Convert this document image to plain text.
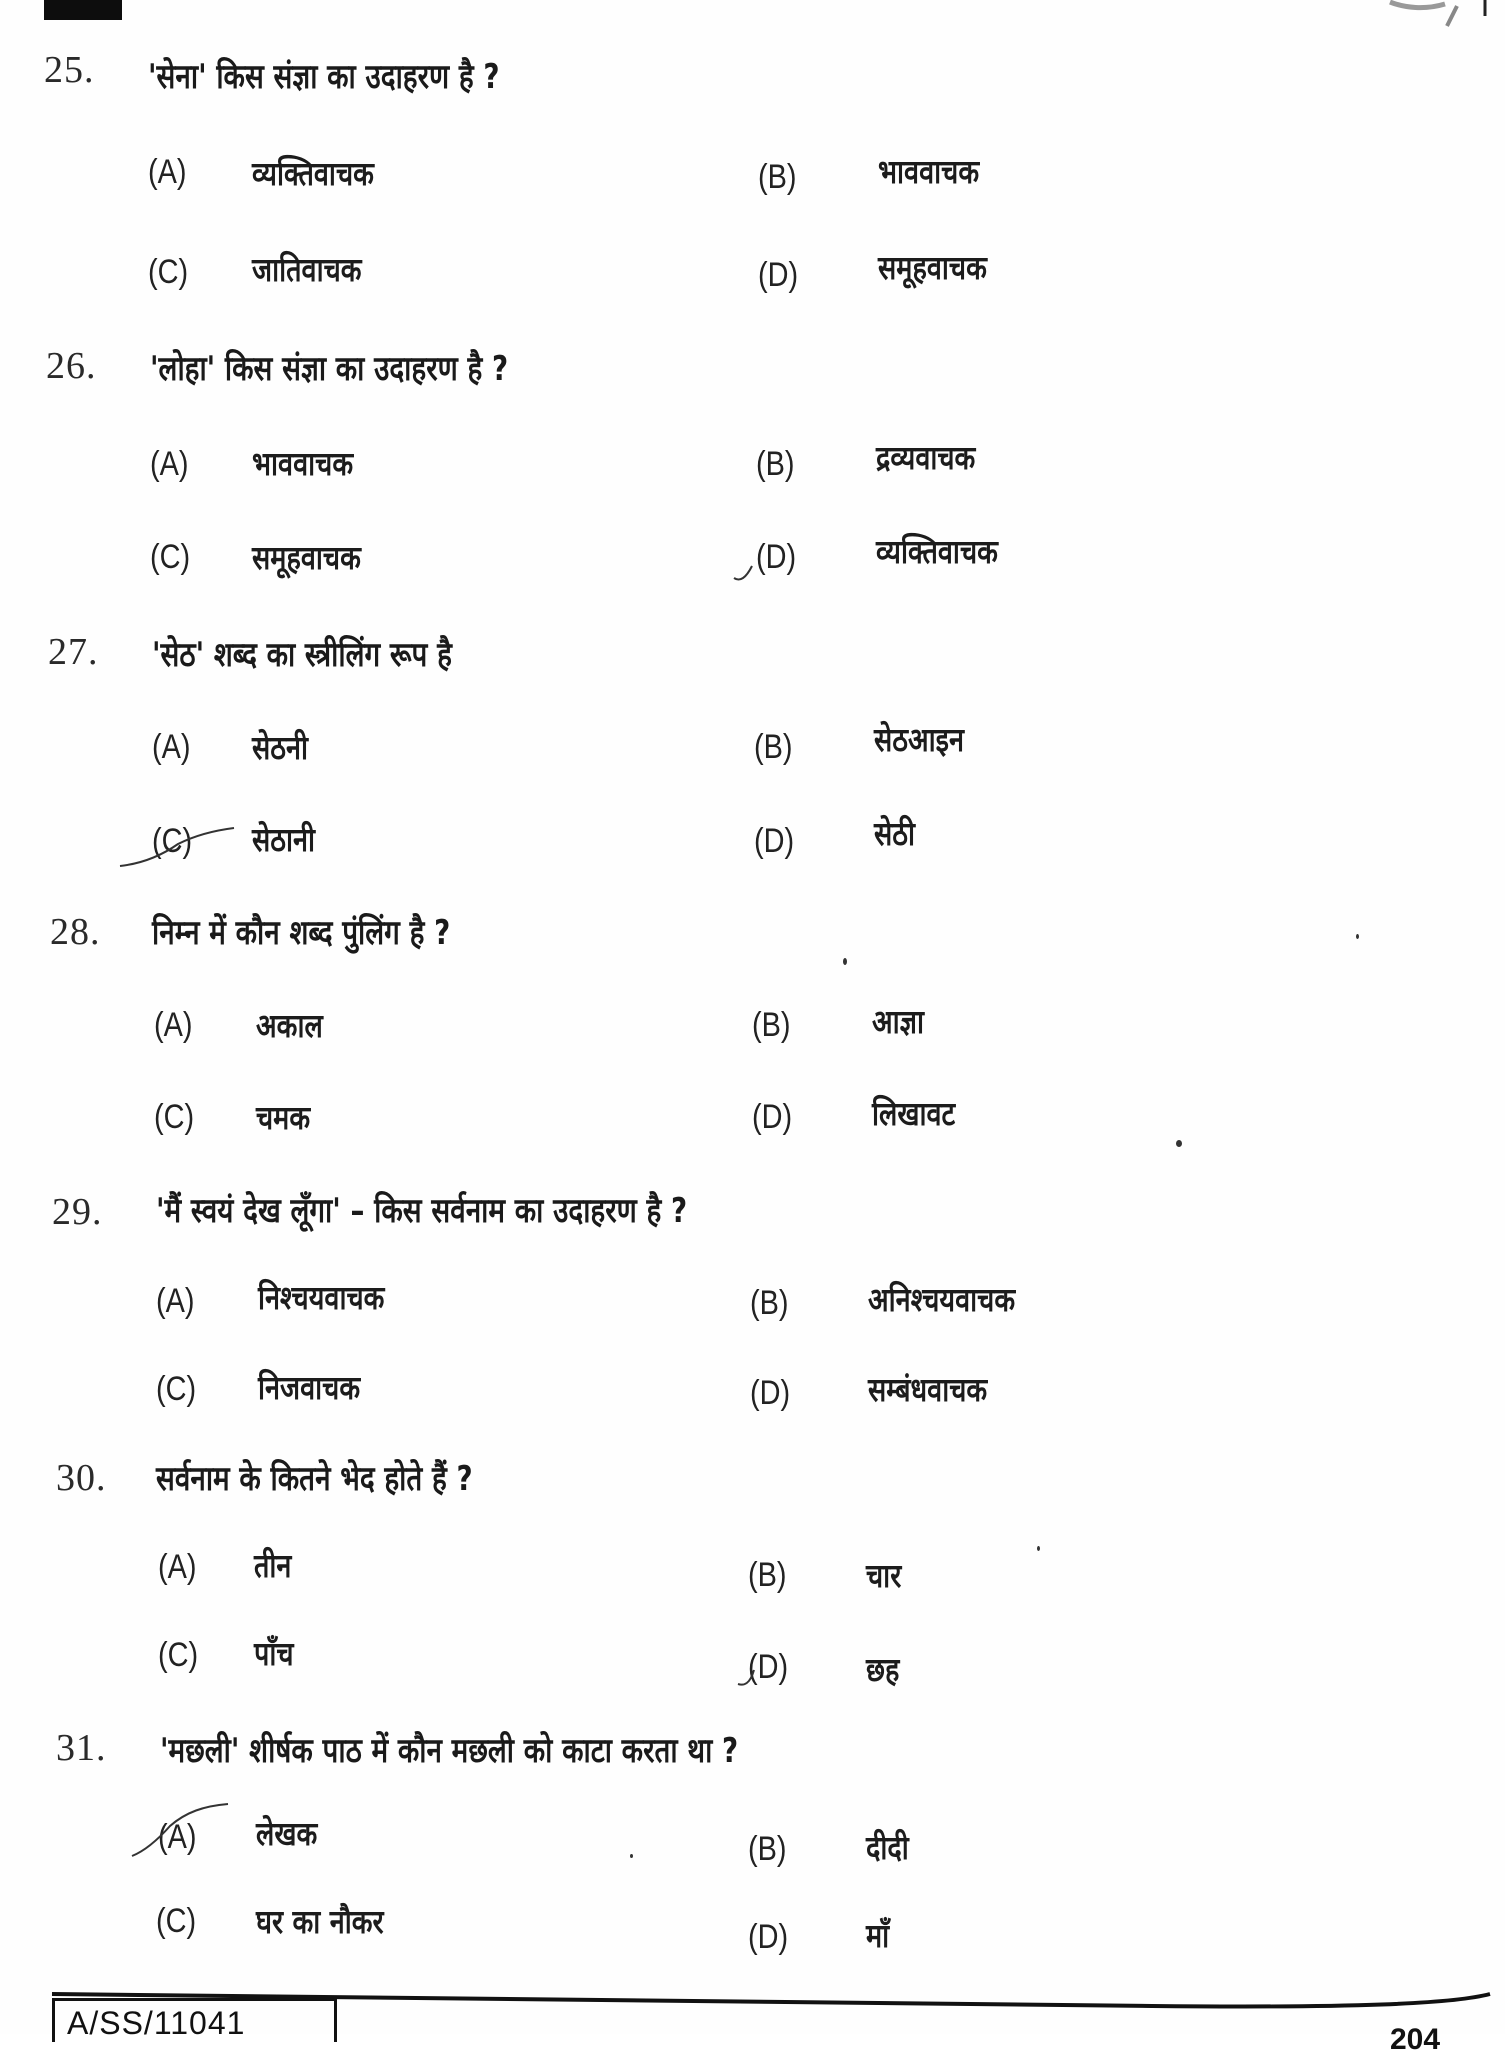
25. 'सेना' किस संज्ञा का उदाहरण है ?
(A) व्यक्तिवाचक	(B) भाववाचक
(C) जातिवाचक	(D) समूहवाचक
26. 'लोहा' किस संज्ञा का उदाहरण है ?
(A) भाववाचक	(B) द्रव्यवाचक
(C) समूहवाचक	(D) व्यक्तिवाचक
27. 'सेठ' शब्द का स्त्रीलिंग रूप है
(A) सेठनी	(B) सेठआइन
(C) सेठानी	(D) सेठी
28. निम्न में कौन शब्द पुंलिंग है ?
(A) अकाल	(B) आज्ञा
(C) चमक	(D) लिखावट
29. 'मैं स्वयं देख लूँगा' – किस सर्वनाम का उदाहरण है ?
(A) निश्चयवाचक	(B) अनिश्चयवाचक
(C) निजवाचक	(D) सम्बंधवाचक
30. सर्वनाम के कितने भेद होते हैं ?
(A) तीन	(B) चार
(C) पाँच	(D) छह
31. 'मछली' शीर्षक पाठ में कौन मछली को काटा करता था ?
(A) लेखक	(B) दीदी
(C) घर का नौकर	(D) माँ
A/SS/11041	204
